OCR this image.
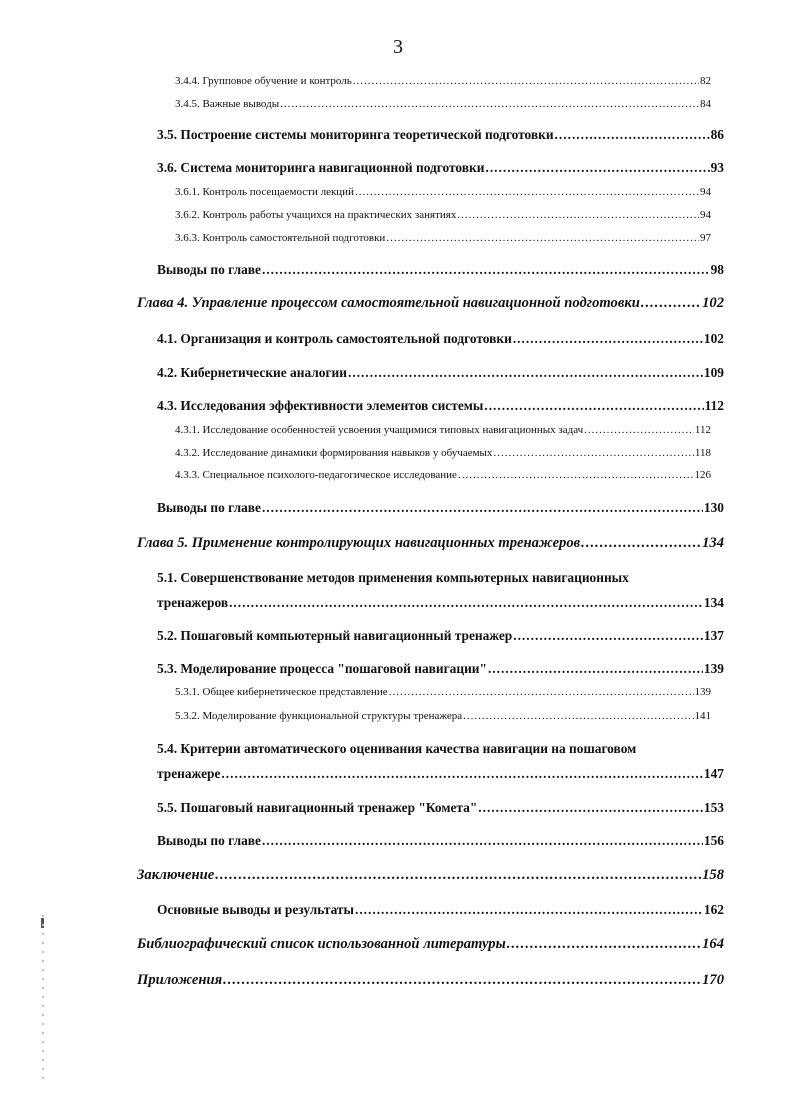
3
3.4.4. Групповое обучение и контроль .....	82
3.4.5. Важные выводы .....	84
3.5. Построение системы мониторинга теоретической подготовки .....	86
3.6. Система мониторинга навигационной подготовки .....	93
3.6.1. Контроль посещаемости лекций .....	94
3.6.2. Контроль работы учащихся на практических занятиях .....	94
3.6.3. Контроль самостоятельной подготовки .....	97
Выводы по главе .....	98
Глава 4. Управление процессом самостоятельной навигационной подготовки .....	102
4.1. Организация и контроль самостоятельной подготовки .....	102
4.2. Кибернетические аналогии .....	109
4.3. Исследования эффективности элементов системы .....	112
4.3.1. Исследование особенностей усвоения учащимися типовых навигационных задач .....	112
4.3.2. Исследование динамики формирования навыков у обучаемых .....	118
4.3.3. Специальное психолого-педагогическое исследование .....	126
Выводы по главе .....	130
Глава 5. Применение контролирующих навигационных тренажеров .....	134
5.1. Совершенствование методов применения компьютерных навигационных
тренажеров .....	134
5.2. Пошаговый компьютерный навигационный тренажер .....	137
5.3. Моделирование процесса "пошаговой навигации" .....	139
5.3.1. Общее кибернетическое представление .....	139
5.3.2. Моделирование функциональной структуры тренажера .....	141
5.4. Критерии автоматического оценивания качества навигации на пошаговом
тренажере .....	147
5.5. Пошаговый навигационный тренажер "Комета" .....	153
Выводы по главе .....	156
Заключение .....	158
Основные выводы и результаты .....	162
Библиографический список использованной литературы .....	164
Приложения .....	170
